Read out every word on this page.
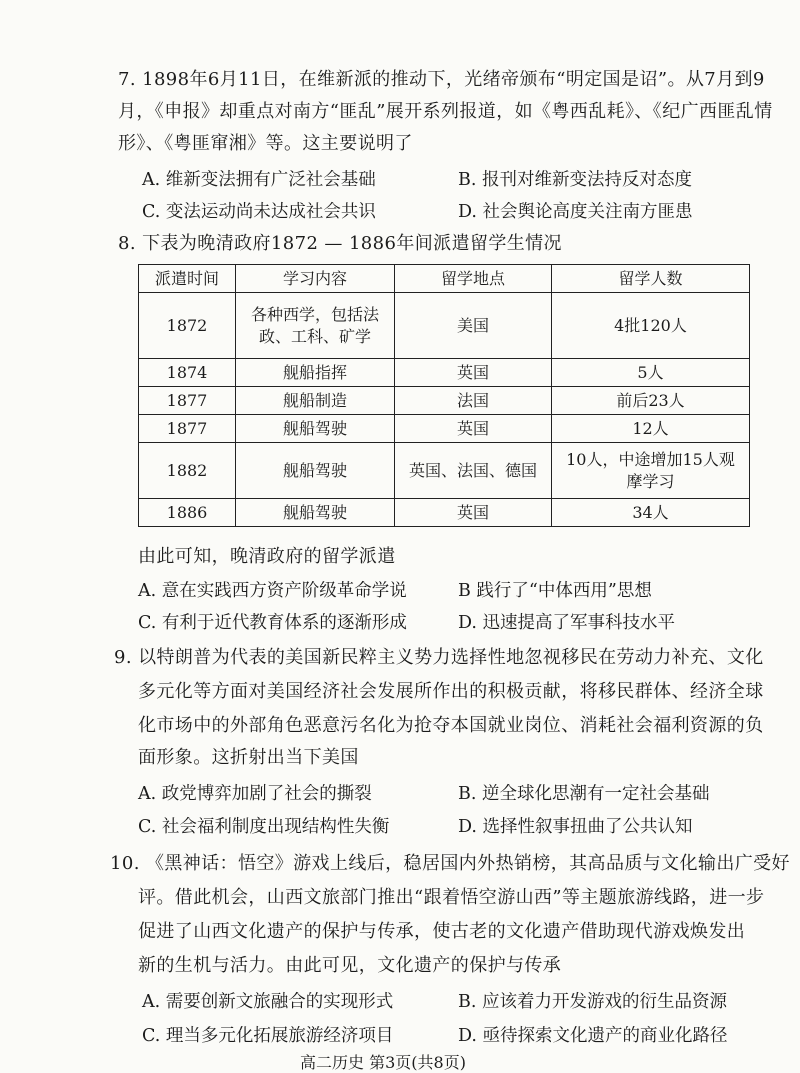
7. 1898年6月11日，在维新派的推动下，光绪帝颁布“明定国是诏”。从7月到9
月，《申报》却重点对南方“匪乱”展开系列报道，如《粤西乱耗》、《纪广西匪乱情
形》、《粤匪窜湘》等。这主要说明了
A. 维新变法拥有广泛社会基础	B. 报刊对维新变法持反对态度
C. 变法运动尚未达成社会共识	D. 社会舆论高度关注南方匪患
8. 下表为晚清政府1872 — 1886年间派遣留学生情况
派遣时间	学习内容	留学地点	留学人数
1872	各种西学，包括法政、工科、矿学	美国	4批120人
1874	舰船指挥	英国	5人
1877	舰船制造	法国	前后23人
1877	舰船驾驶	英国	12人
1882	舰船驾驶	英国、法国、德国	10人，中途增加15人观摩学习
1886	舰船驾驶	英国	34人
由此可知，晚清政府的留学派遣
A. 意在实践西方资产阶级革命学说	B 践行了“中体西用”思想
C. 有利于近代教育体系的逐渐形成	D. 迅速提高了军事科技水平
9. 以特朗普为代表的美国新民粹主义势力选择性地忽视移民在劳动力补充、文化
多元化等方面对美国经济社会发展所作出的积极贡献，将移民群体、经济全球
化市场中的外部角色恶意污名化为抢夺本国就业岗位、消耗社会福利资源的负
面形象。这折射出当下美国
A. 政党博弈加剧了社会的撕裂	B. 逆全球化思潮有一定社会基础
C. 社会福利制度出现结构性失衡	D. 选择性叙事扭曲了公共认知
10. 《黑神话：悟空》游戏上线后，稳居国内外热销榜，其高品质与文化输出广受好
评。借此机会，山西文旅部门推出“跟着悟空游山西”等主题旅游线路，进一步
促进了山西文化遗产的保护与传承，使古老的文化遗产借助现代游戏焕发出
新的生机与活力。由此可见，文化遗产的保护与传承
A. 需要创新文旅融合的实现形式	B. 应该着力开发游戏的衍生品资源
C. 理当多元化拓展旅游经济项目	D. 亟待探索文化遗产的商业化路径
高二历史 第3页(共8页)
